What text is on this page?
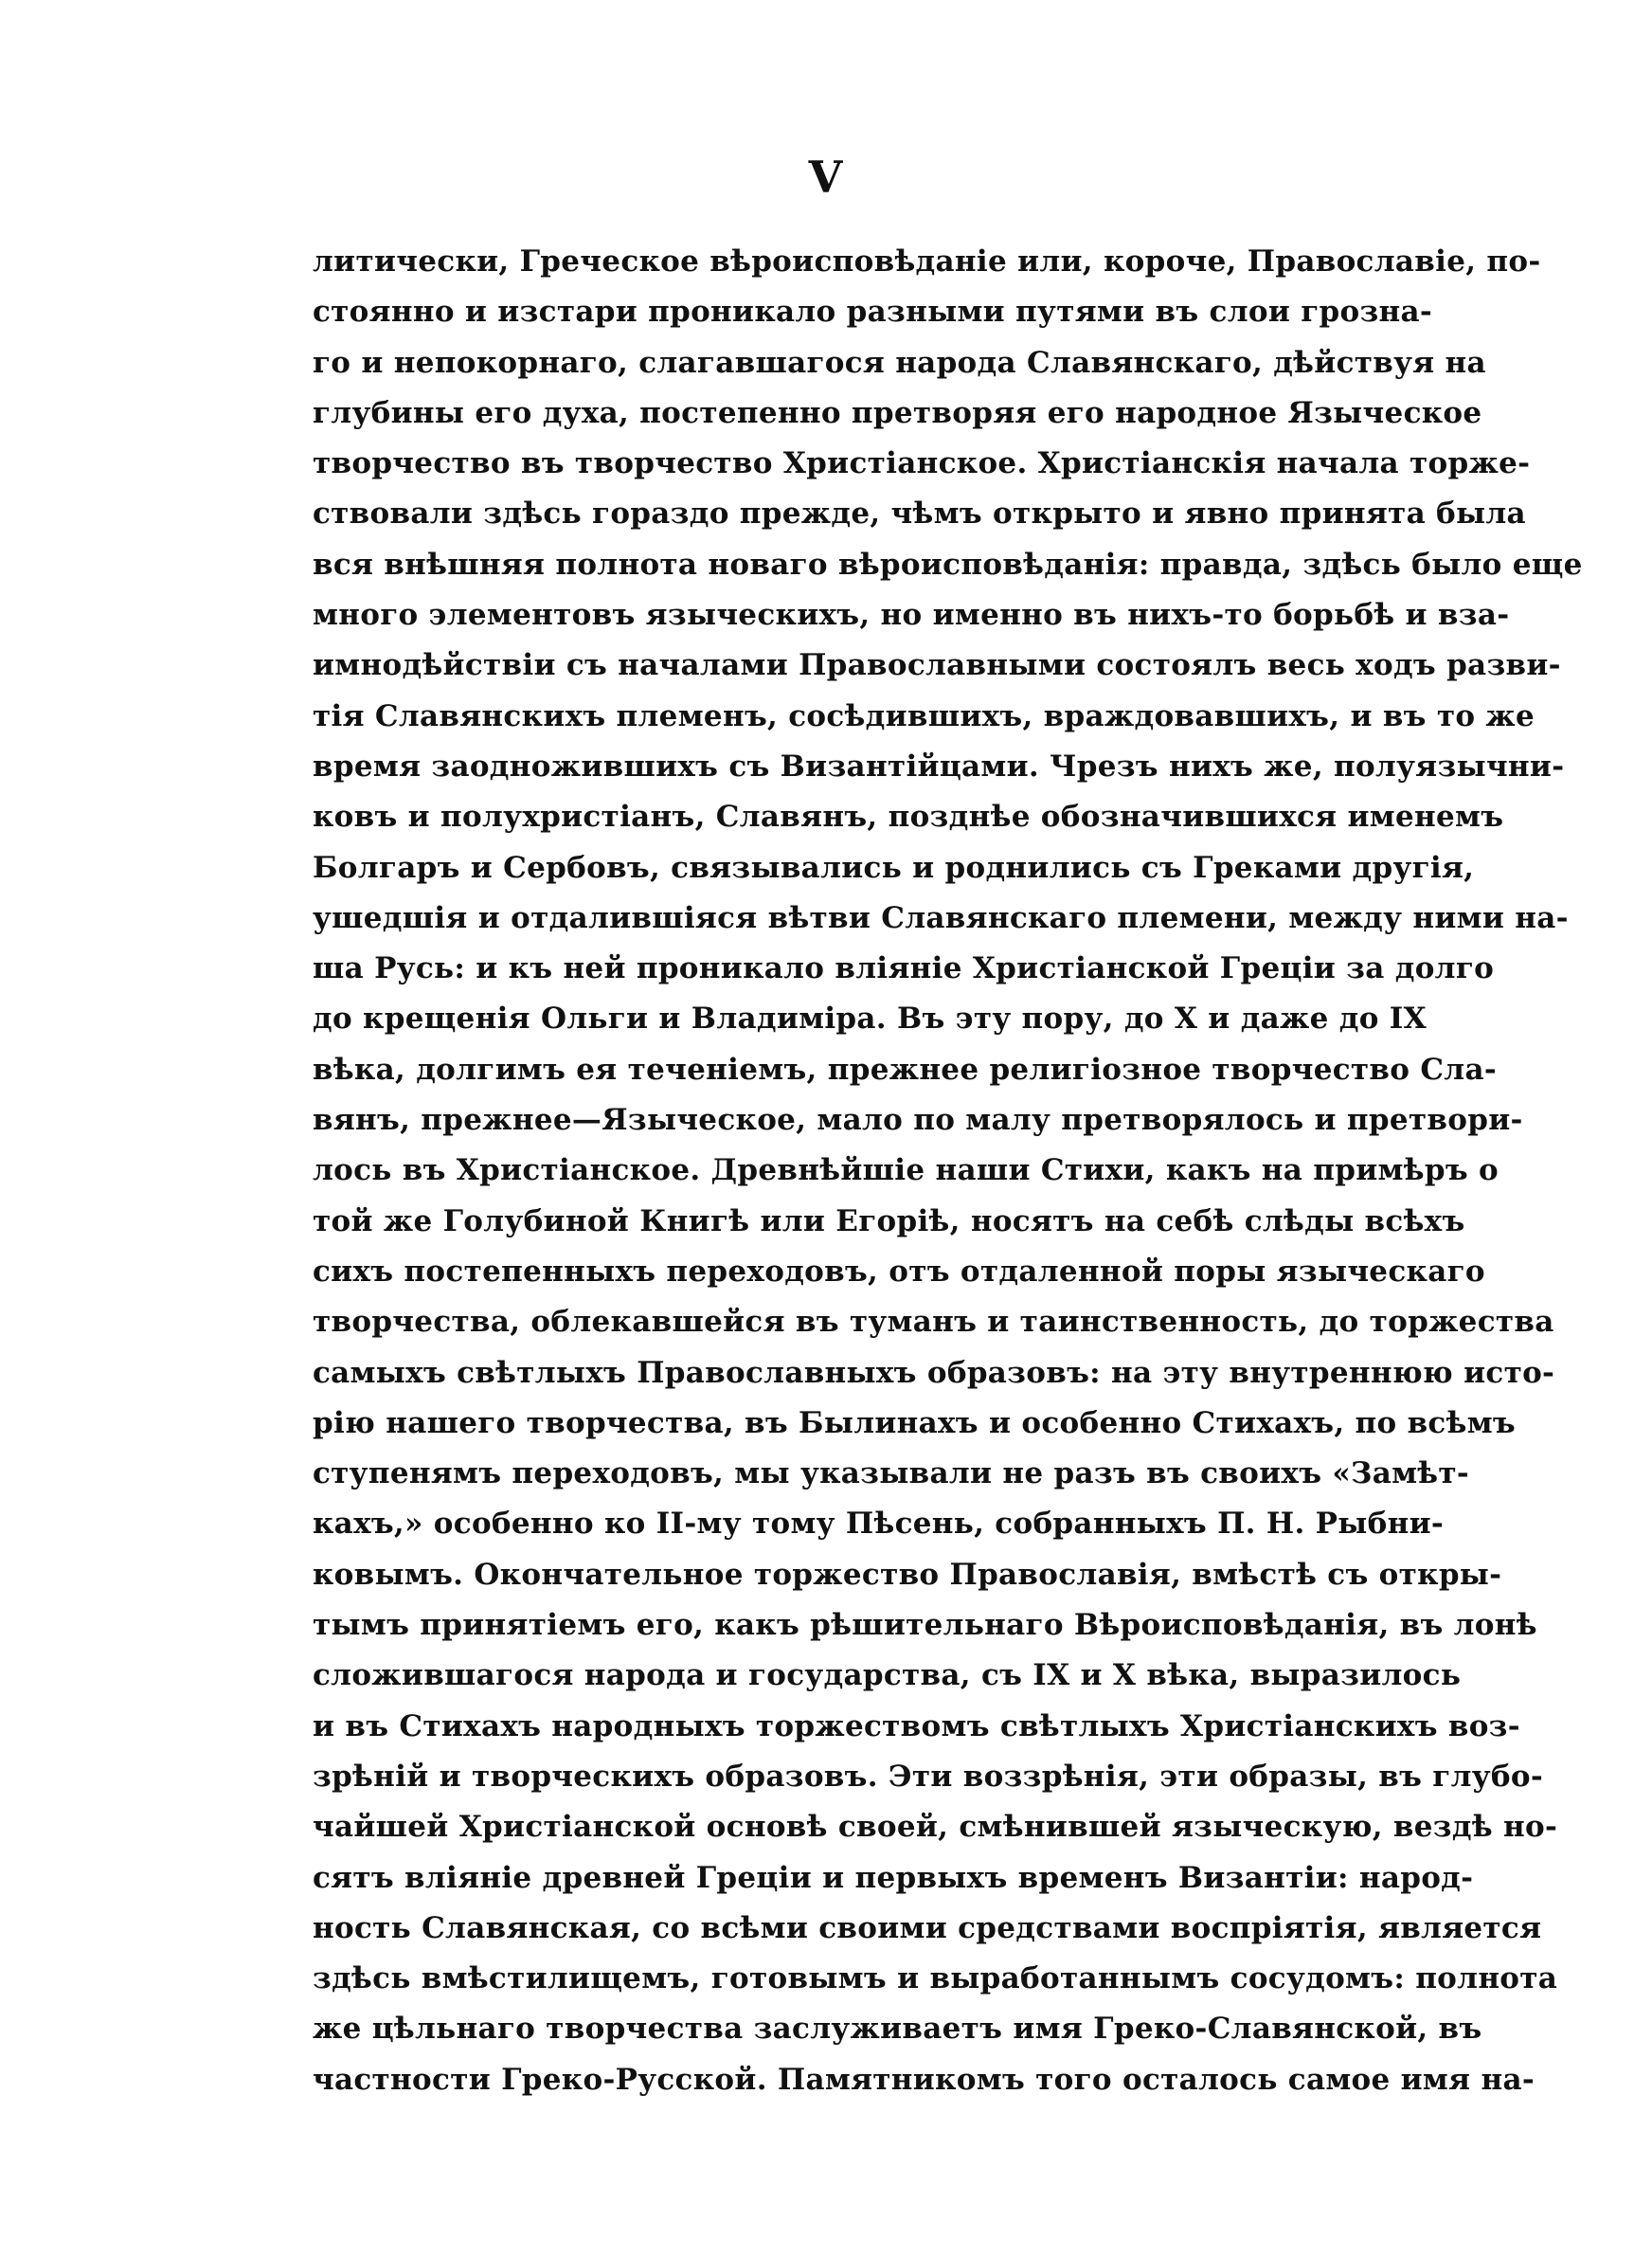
V
литически, Греческое вѣроисповѣданіе или, короче, Православіе, по-
стоянно и изстари проникало разными путями въ слои грозна-
го и непокорнаго, слагавшагося народа Славянскаго, дѣйствуя на
глубины его духа, постепенно претворяя его народное Языческое
творчество въ творчество Христіанское. Христіанскія начала торже-
ствовали здѣсь гораздо прежде, чѣмъ открыто и явно принята была
вся внѣшняя полнота новаго вѣроисповѣданія: правда, здѣсь было еще
много элементовъ языческихъ, но именно въ нихъ-то борьбѣ и вза-
имнодѣйствіи съ началами Православными состоялъ весь ходъ разви-
тія Славянскихъ племенъ, сосѣдившихъ, враждовавшихъ, и въ то же
время заодножившихъ съ Византійцами. Чрезъ нихъ же, полуязычни-
ковъ и полухристіанъ, Славянъ, позднѣе обозначившихся именемъ
Болгаръ и Сербовъ, связывались и роднились съ Греками другія,
ушедшія и отдалившіяся вѣтви Славянскаго племени, между ними на-
ша Русь: и къ ней проникало вліяніе Христіанской Греціи за долго
до крещенія Ольги и Владиміра. Въ эту пору, до X и даже до IX
вѣка, долгимъ ея теченіемъ, прежнее религіозное творчество Сла-
вянъ, прежнее—Языческое, мало по малу претворялось и претвори-
лось въ Христіанское. Древнѣйшіе наши Стихи, какъ на примѣръ о
той же Голубиной Книгѣ или Егоріѣ, носятъ на себѣ слѣды всѣхъ
сихъ постепенныхъ переходовъ, отъ отдаленной поры языческаго
творчества, облекавшейся въ туманъ и таинственность, до торжества
самыхъ свѣтлыхъ Православныхъ образовъ: на эту внутреннюю исто-
рію нашего творчества, въ Былинахъ и особенно Стихахъ, по всѣмъ
ступенямъ переходовъ, мы указывали не разъ въ своихъ «Замѣт-
кахъ,» особенно ко II-му тому Пѣсень, собранныхъ П. Н. Рыбни-
ковымъ. Окончательное торжество Православія, вмѣстѣ съ откры-
тымъ принятіемъ его, какъ рѣшительнаго Вѣроисповѣданія, въ лонѣ
сложившагося народа и государства, съ IX и X вѣка, выразилось
и въ Стихахъ народныхъ торжествомъ свѣтлыхъ Христіанскихъ воз-
зрѣній и творческихъ образовъ. Эти воззрѣнія, эти образы, въ глубо-
чайшей Христіанской основѣ своей, смѣнившей языческую, вездѣ но-
сятъ вліяніе древней Греціи и первыхъ временъ Византіи: народ-
ность Славянская, со всѣми своими средствами воспріятія, является
здѣсь вмѣстилищемъ, готовымъ и выработаннымъ сосудомъ: полнота
же цѣльнаго творчества заслуживаетъ имя Греко-Славянской, въ
частности Греко-Русской. Памятникомъ того осталось самое имя на-
